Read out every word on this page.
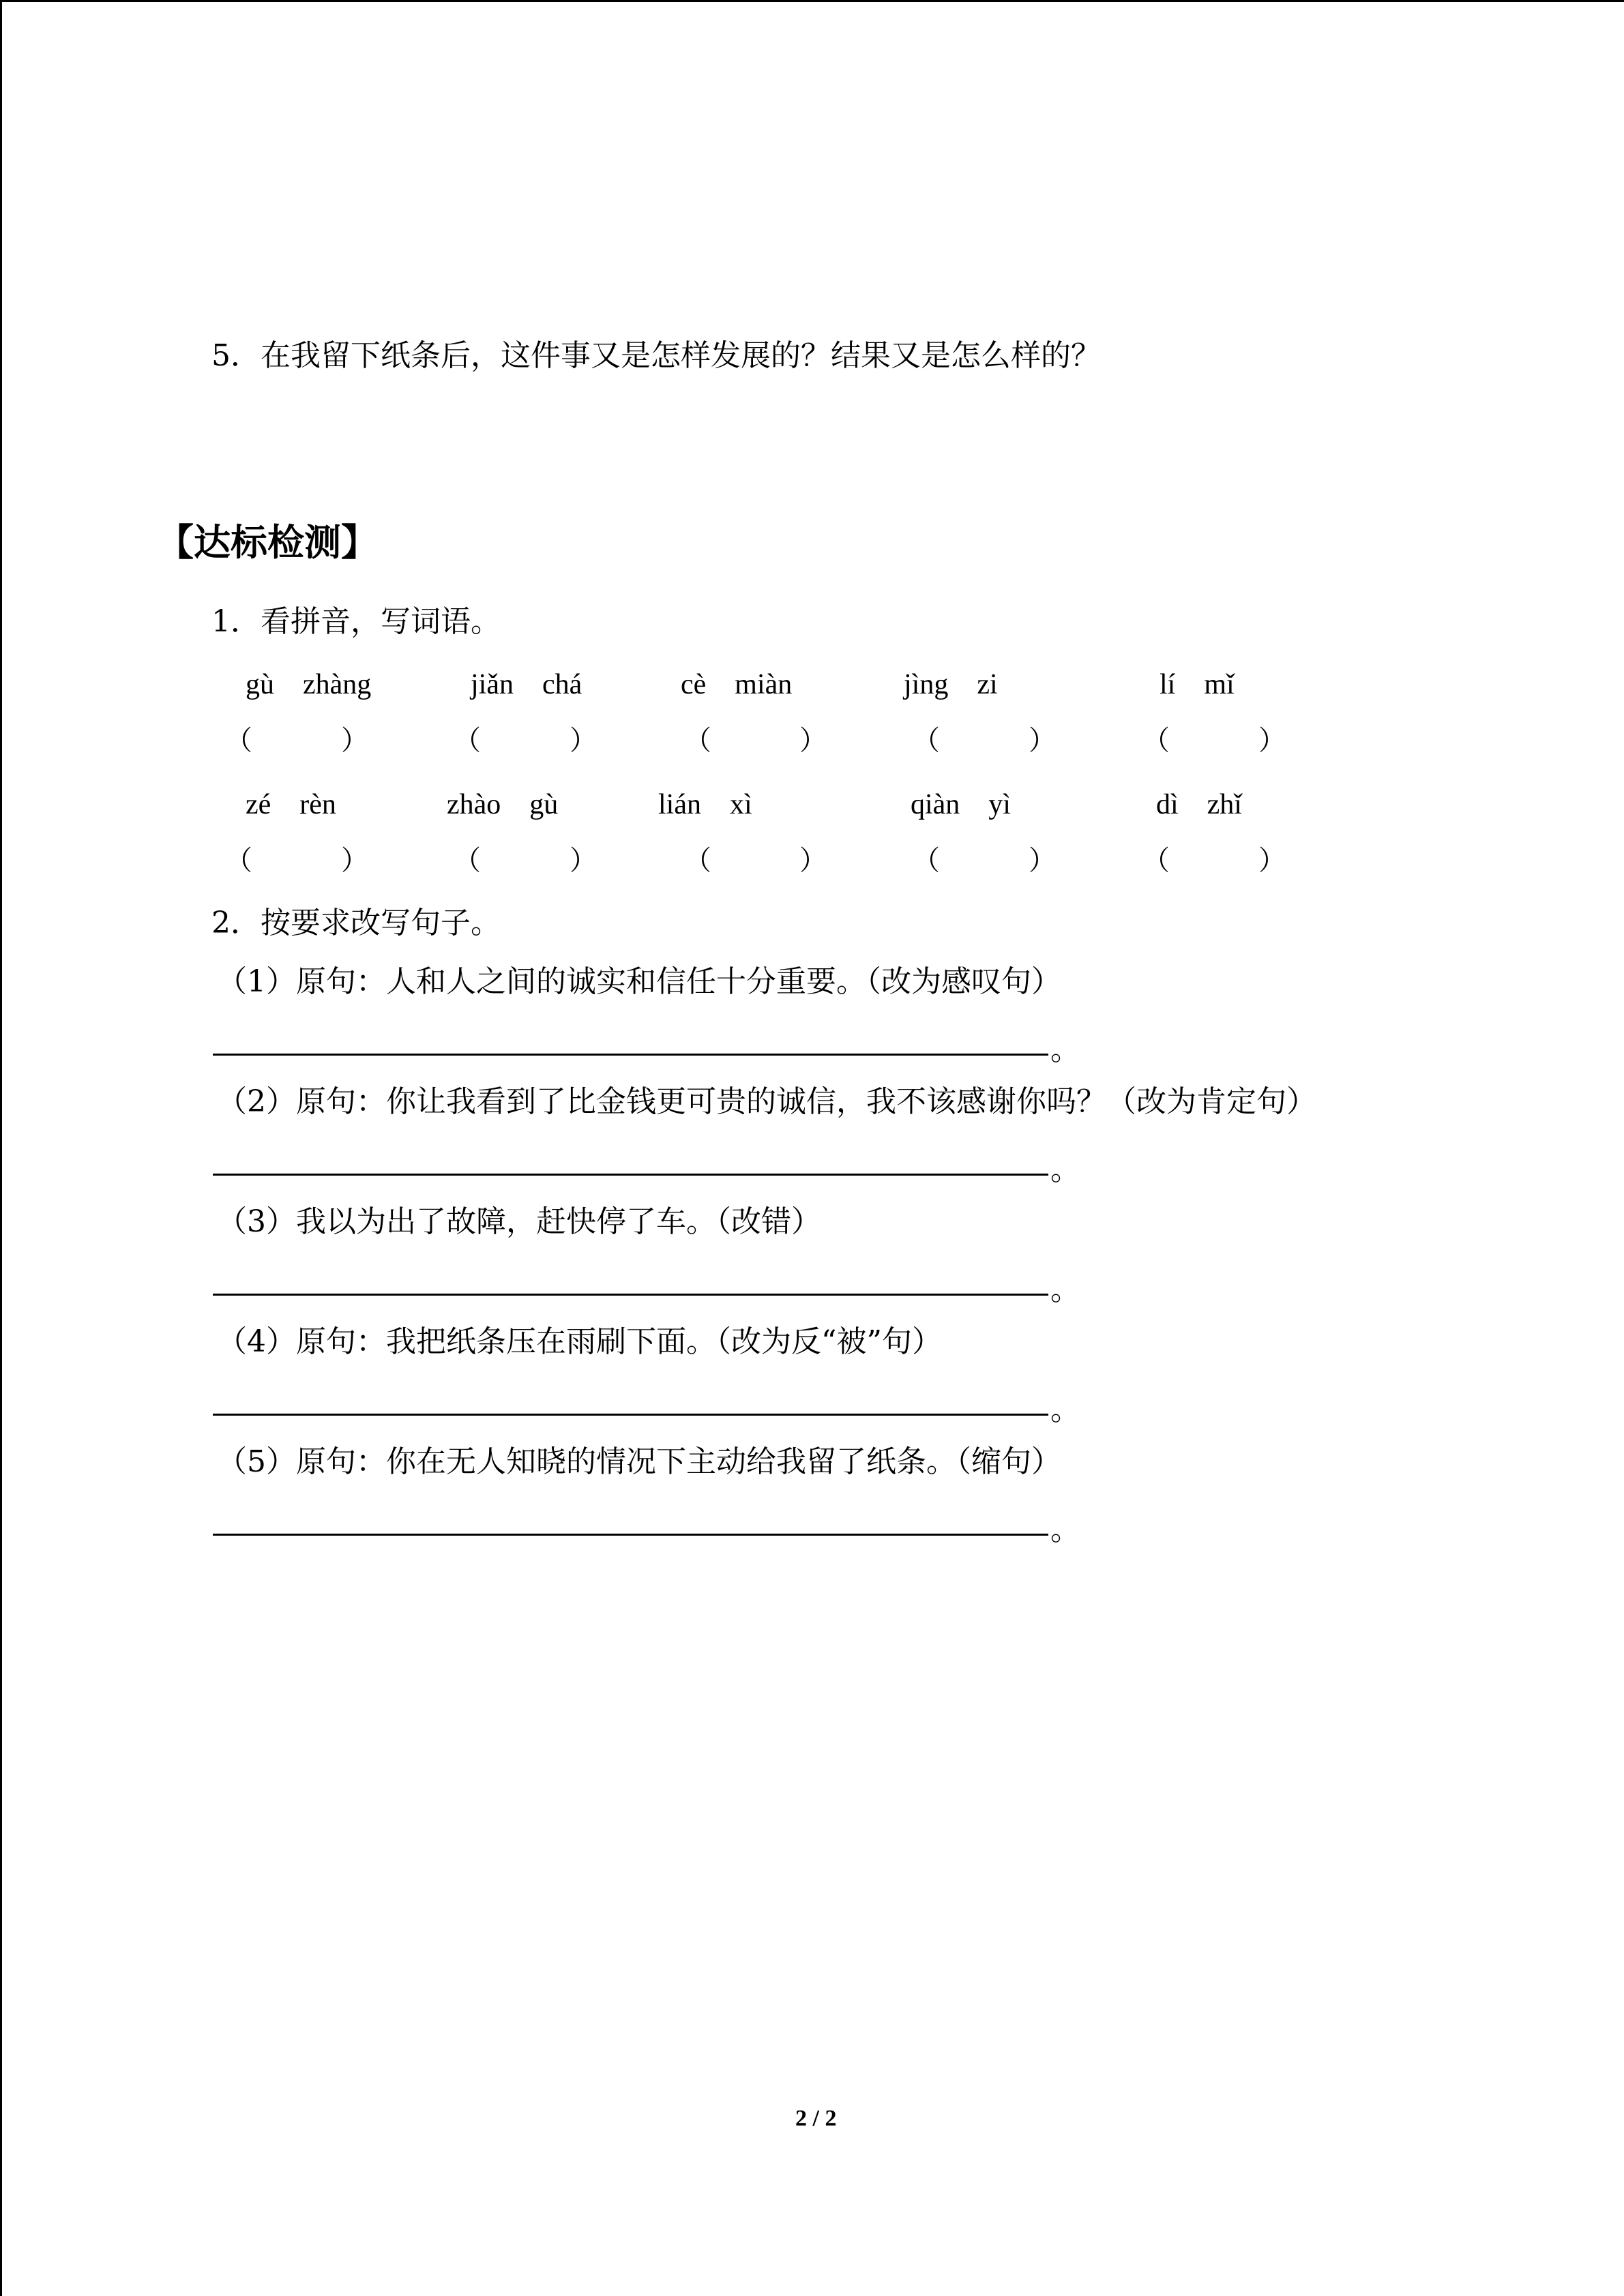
5．在我留下纸条后，这件事又是怎样发展的？结果又是怎么样的？
【达标检测】
1．看拼音，写词语。
gù　zhàng	jiǎn　chá	cè　miàn	jìng　zi	lí　mǐ
（	）	（	）	（	）	（	）	（	）
zé　rèn	zhào　gù	lián　xì	qiàn　yì	dì　zhǐ
（	）	（	）	（	）	（	）	（	）
2．按要求改写句子。
（1）原句：人和人之间的诚实和信任十分重要。（改为感叹句）
。
（2）原句：你让我看到了比金钱更可贵的诚信，我不该感谢你吗？（改为肯定句）
。
（3）我以为出了故障，赶快停了车。（改错）
。
（4）原句：我把纸条压在雨刷下面。（改为反“被”句）
。
（5）原句：你在无人知晓的情况下主动给我留了纸条。（缩句）
。
2 / 2
